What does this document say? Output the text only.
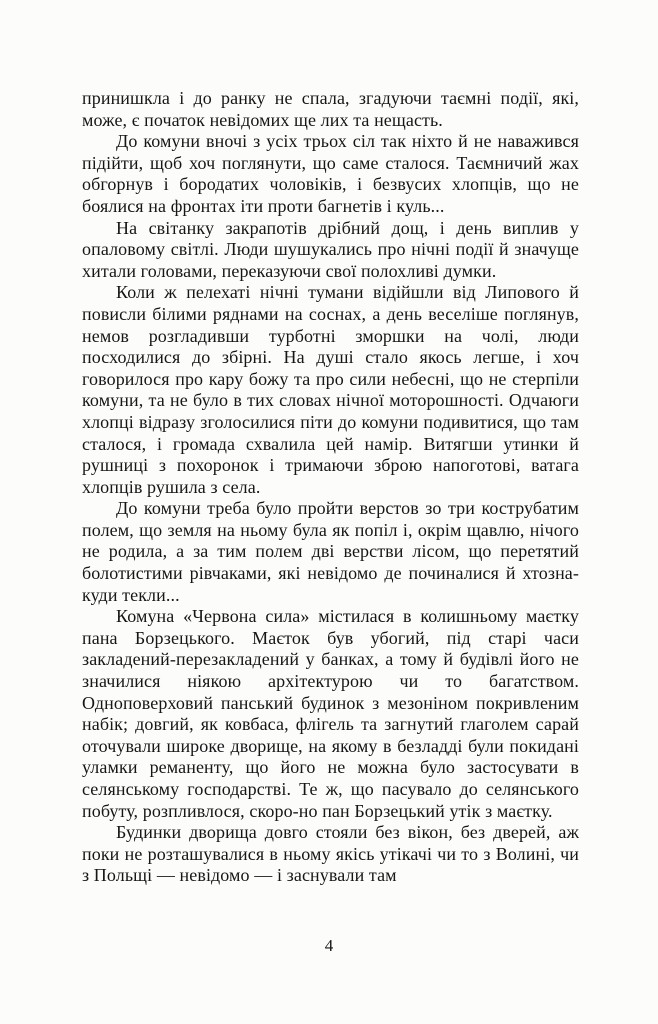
принишкла і до ранку не спала, згадуючи таємні події, які, може, є початок невідомих ще лих та нещасть.

До комуни вночі з усіх трьох сіл так ніхто й не наважився підійти, щоб хоч поглянути, що саме сталося. Таємничий жах обгорнув і бородатих чоловіків, і безвусих хлопців, що не боялися на фронтах іти проти багнетів і куль...

На світанку закрапотів дрібний дощ, і день виплив у опаловому світлі. Люди шушукались про нічні події й значуще хитали головами, переказуючи свої полохливі думки.

Коли ж пелехаті нічні тумани відійшли від Липового й повисли білими ряднами на соснах, а день веселіше поглянув, немов розгладивши турботні зморшки на чолі, люди посходилися до збірні. На душі стало якось легше, і хоч говорилося про кару божу та про сили небесні, що не стерпіли комуни, та не було в тих словах нічної моторошності. Одчаюги хлопці відразу зголосилися піти до комуни подивитися, що там сталося, і громада схвалила цей намір. Витягши утинки й рушниці з похоронок і тримаючи зброю напоготові, ватага хлопців рушила з села.

До комуни треба було пройти верстов зо три кострубатим полем, що земля на ньому була як попіл і, окрім щавлю, нічого не родила, а за тим полем дві верстви лісом, що перетятий болотистими рівчаками, які невідомо де починалися й хтозна-куди текли...

Комуна «Червона сила» містилася в колишньому маєтку пана Борзецького. Маєток був убогий, під старі часи закладений-перезакладений у банках, а тому й будівлі його не значилися ніякою архітектурою чи то багатством. Одноповерховий панський будинок з мезоніном покривленим набік; довгий, як ковбаса, флігель та загнутий глаголем сарай оточували широке дворище, на якому в безладді були покидані уламки реманенту, що його не можна було застосувати в селянському господарстві. Те ж, що пасувало до селянського побуту, розпливлося, скоро-но пан Борзецький утік з маєтку.

Будинки дворища довго стояли без вікон, без дверей, аж поки не розташувалися в ньому якісь утікачі чи то з Волині, чи з Польщі — невідомо — і заснували там

4
